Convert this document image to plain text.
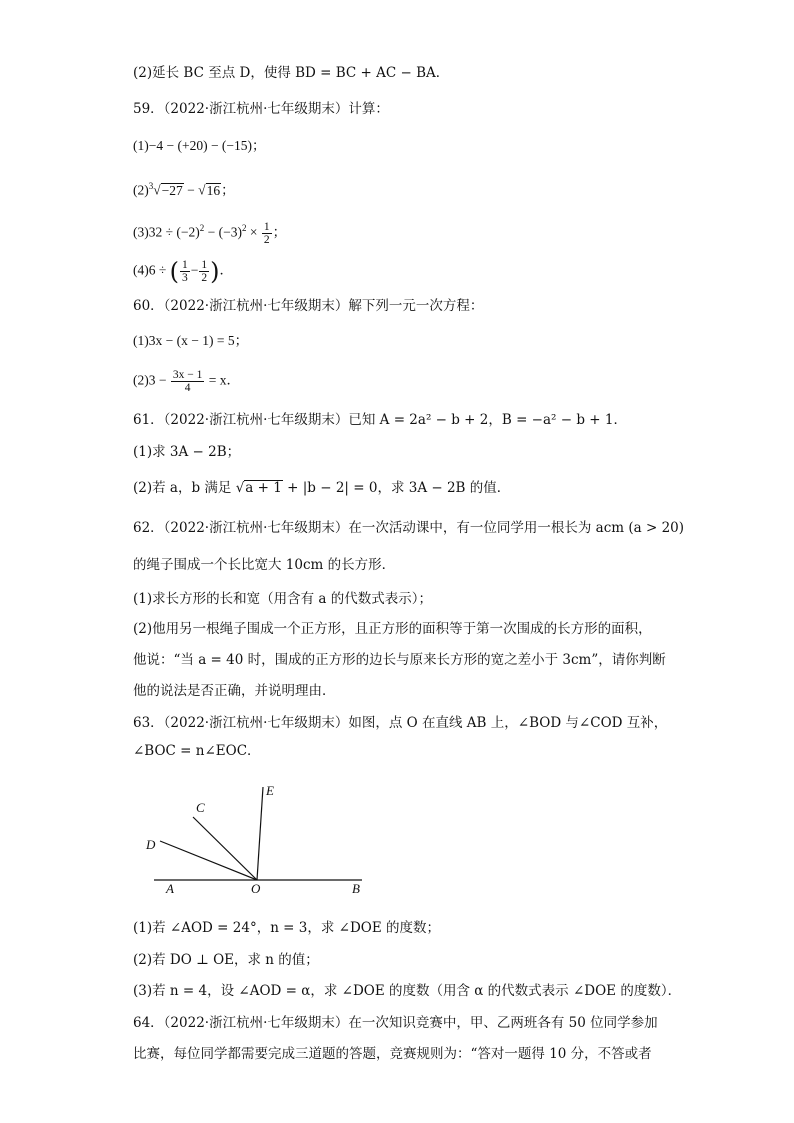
(2)延长 BC 至点 D，使得 BD = BC + AC − BA．
59．（2022·浙江杭州·七年级期末）计算：
(1)−4 − (+20) − (−15)；
$(2)^3√-27 - √16$；
$(3)32 \div (-2)^2 - (-3)^2 \times \frac{1}{2}$ ；
(4)6 ÷ ( $\frac{1}{3} - \frac{1}{2}$ )．
60．（2022·浙江杭州·七年级期末）解下列一元一次方程：
(1)3x − (x − 1) = 5；
$(2)3 - \frac{3x - 1}{4} = x$．
61．（2022·浙江杭州·七年级期末）已知 A = 2a² − b + 2，B = −a² − b + 1．
(1)求 3A − 2B；
(2)若 a，b 满足 √a + 1 + |b − 2| = 0，求 3A − 2B 的值．
62．（2022·浙江杭州·七年级期末）在一次活动课中，有一位同学用一根长为 acm (a > 20)
的绳子围成一个长比宽大 10cm 的长方形．
(1)求长方形的长和宽（用含有 a 的代数式表示）；
(2)他用另一根绳子围成一个正方形，且正方形的面积等于第一次围成的长方形的面积，
他说：“当 a = 40 时，围成的正方形的边长与原来长方形的宽之差小于 3cm”，请你判断
他的说法是否正确，并说明理由．
63．（2022·浙江杭州·七年级期末）如图，点 O 在直线 AB 上，∠BOD 与∠COD 互补，
∠BOC = n∠EOC．
C
D
E
A	O	B
(1)若 ∠AOD = 24°，n = 3，求 ∠DOE 的度数；
(2)若 DO ⊥ OE，求 n 的值；
(3)若 n = 4，设 ∠AOD = α，求 ∠DOE 的度数（用含 α 的代数式表示 ∠DOE 的度数）．
64．（2022·浙江杭州·七年级期末）在一次知识竞赛中，甲、乙两班各有 50 位同学参加
比赛，每位同学都需要完成三道题的答题，竞赛规则为：“答对一题得 10 分，不答或者
